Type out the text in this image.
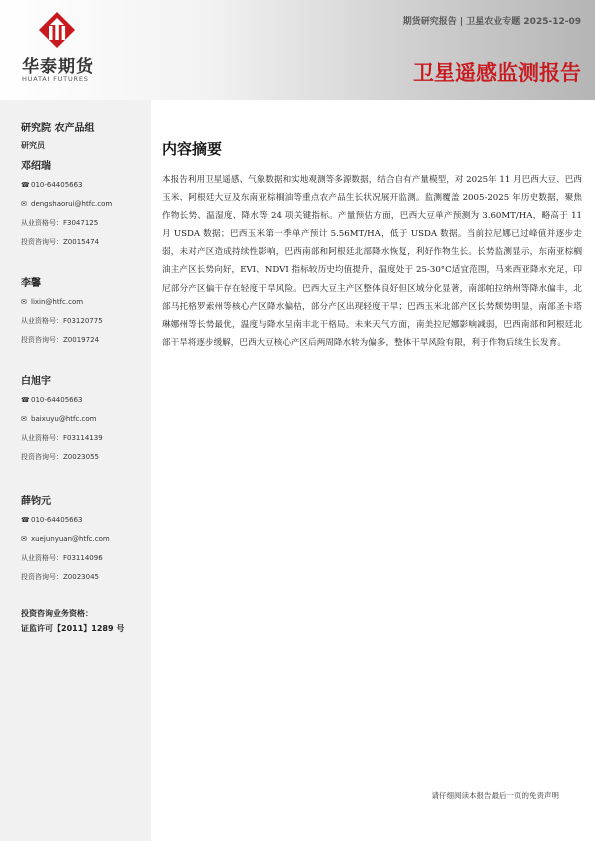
华泰期货
HUATAI FUTURES
期货研究报告 | 卫星农业专题 2025-12-09
卫星遥感监测报告
研究院 农产品组
研究员
邓绍瑞
☎ 010-64405663
✉ dengshaorui@htfc.com
从业资格号：F3047125
投资咨询号：Z0015474
李馨
✉ lixin@htfc.com
从业资格号：F03120775
投资咨询号：Z0019724
白旭宇
☎ 010-64405663
✉ baixuyu@htfc.com
从业资格号：F03114139
投资咨询号：Z0023055
薛钧元
☎ 010-64405663
✉ xuejunyuan@htfc.com
从业资格号：F03114096
投资咨询号：Z0023045
投资咨询业务资格：
证监许可【2011】1289 号
内容摘要
本报告利用卫星遥感、气象数据和实地观测等多源数据，结合自有产量模型，对 2025年 11 月巴西大豆、巴西玉米、阿根廷大豆及东南亚棕榈油等重点农产品生长状况展开监测。监测覆盖 2005-2025 年历史数据，聚焦作物长势、温湿度、降水等 24 项关键指标。产量预估方面，巴西大豆单产预测为 3.60MT/HA，略高于 11 月 USDA 数据；巴西玉米第一季单产预计 5.56MT/HA，低于 USDA 数据。当前拉尼娜已过峰值并逐步走弱，未对产区造成持续性影响，巴西南部和阿根廷北部降水恢复，利好作物生长。长势监测显示，东南亚棕榈油主产区长势向好，EVI、NDVI 指标较历史均值提升，温度处于 25-30°C适宜范围，马来西亚降水充足，印尼部分产区偏干存在轻度干旱风险。巴西大豆主产区整体良好但区域分化显著，南部帕拉纳州等降水偏丰，北部马托格罗索州等核心产区降水偏枯，部分产区出现轻度干旱；巴西玉米北部产区长势颓势明显，南部圣卡塔琳娜州等长势最优，温度与降水呈南丰北干格局。未来天气方面，南美拉尼娜影响减弱，巴西南部和阿根廷北部干旱将逐步缓解，巴西大豆核心产区后两周降水转为偏多，整体干旱风险有限，利于作物后续生长发育。
请仔细阅读本报告最后一页的免责声明
